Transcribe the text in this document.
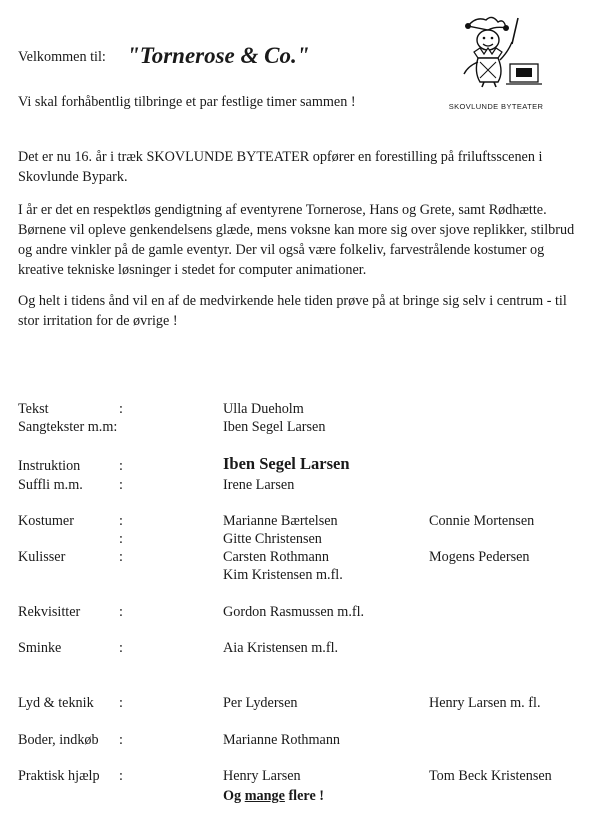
Velkommen til: "Tornerose & Co."
Vi skal forhåbentlig tilbringe et par festlige timer sammen !	SKOVLUNDE BYTEATER
Det er nu 16. år i træk SKOVLUNDE BYTEATER opfører en forestilling på friluftsscenen i Skovlunde Bypark.
I år er det en respektløs gendigtning af eventyrene Tornerose, Hans og Grete, samt Rødhætte. Børnene vil opleve genkendelsens glæde, mens voksne kan more sig over sjove replikker, stilbrud og andre vinkler på de gamle eventyr. Der vil også være folkeliv, farvestrålende kostumer og kreative tekniske løsninger i stedet for computer animationer.
Og helt i tidens ånd vil en af de medvirkende hele tiden prøve på at bringe sig selv i centrum - til stor irritation for de øvrige !
Tekst	:	Ulla Dueholm
Sangtekster m.m:	Iben Segel Larsen
Instruktion	:	Iben Segel Larsen
Suffli m.m.	:	Irene Larsen
Kostumer	:	Marianne Bærtelsen	Connie Mortensen
:	Gitte Christensen
Kulisser	:	Carsten Rothmann	Mogens Pedersen
Kim Kristensen m.fl.
Rekvisitter	:	Gordon Rasmussen m.fl.
Sminke	:	Aia Kristensen m.fl.
Lyd & teknik :	Per Lydersen	Henry Larsen m. fl.
Boder, indkøb :	Marianne Rothmann
Praktisk hjælp :	Henry Larsen	Tom Beck Kristensen
Og mange flere !
